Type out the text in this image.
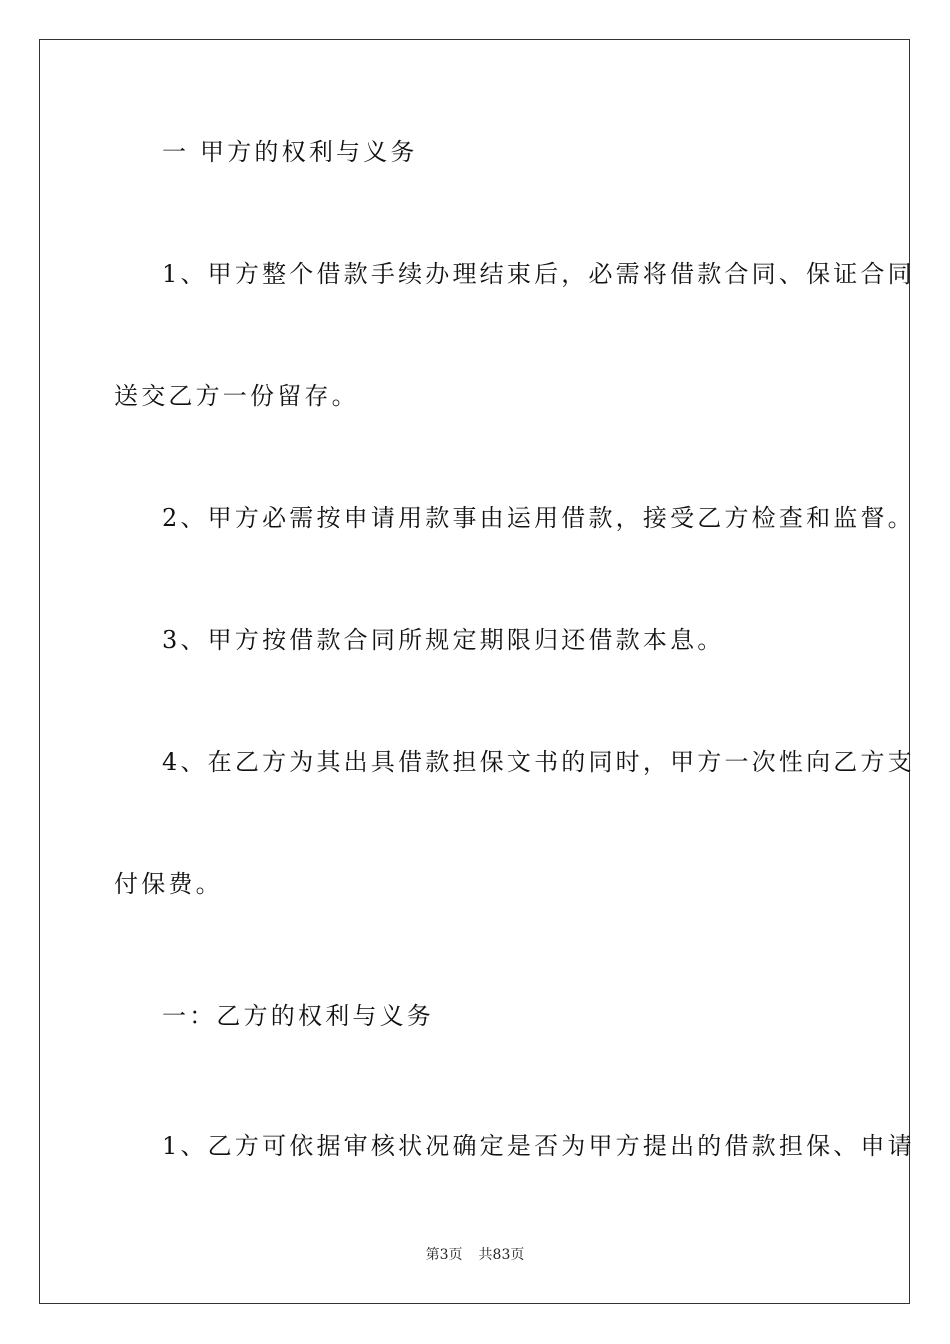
一 甲方的权利与义务
1、甲方整个借款手续办理结束后，必需将借款合同、保证合同
送交乙方一份留存。
2、甲方必需按申请用款事由运用借款，接受乙方检查和监督。
3、甲方按借款合同所规定期限归还借款本息。
4、在乙方为其出具借款担保文书的同时，甲方一次性向乙方支
付保费。
一：乙方的权利与义务
1、乙方可依据审核状况确定是否为甲方提出的借款担保、申请
第3页 共83页
